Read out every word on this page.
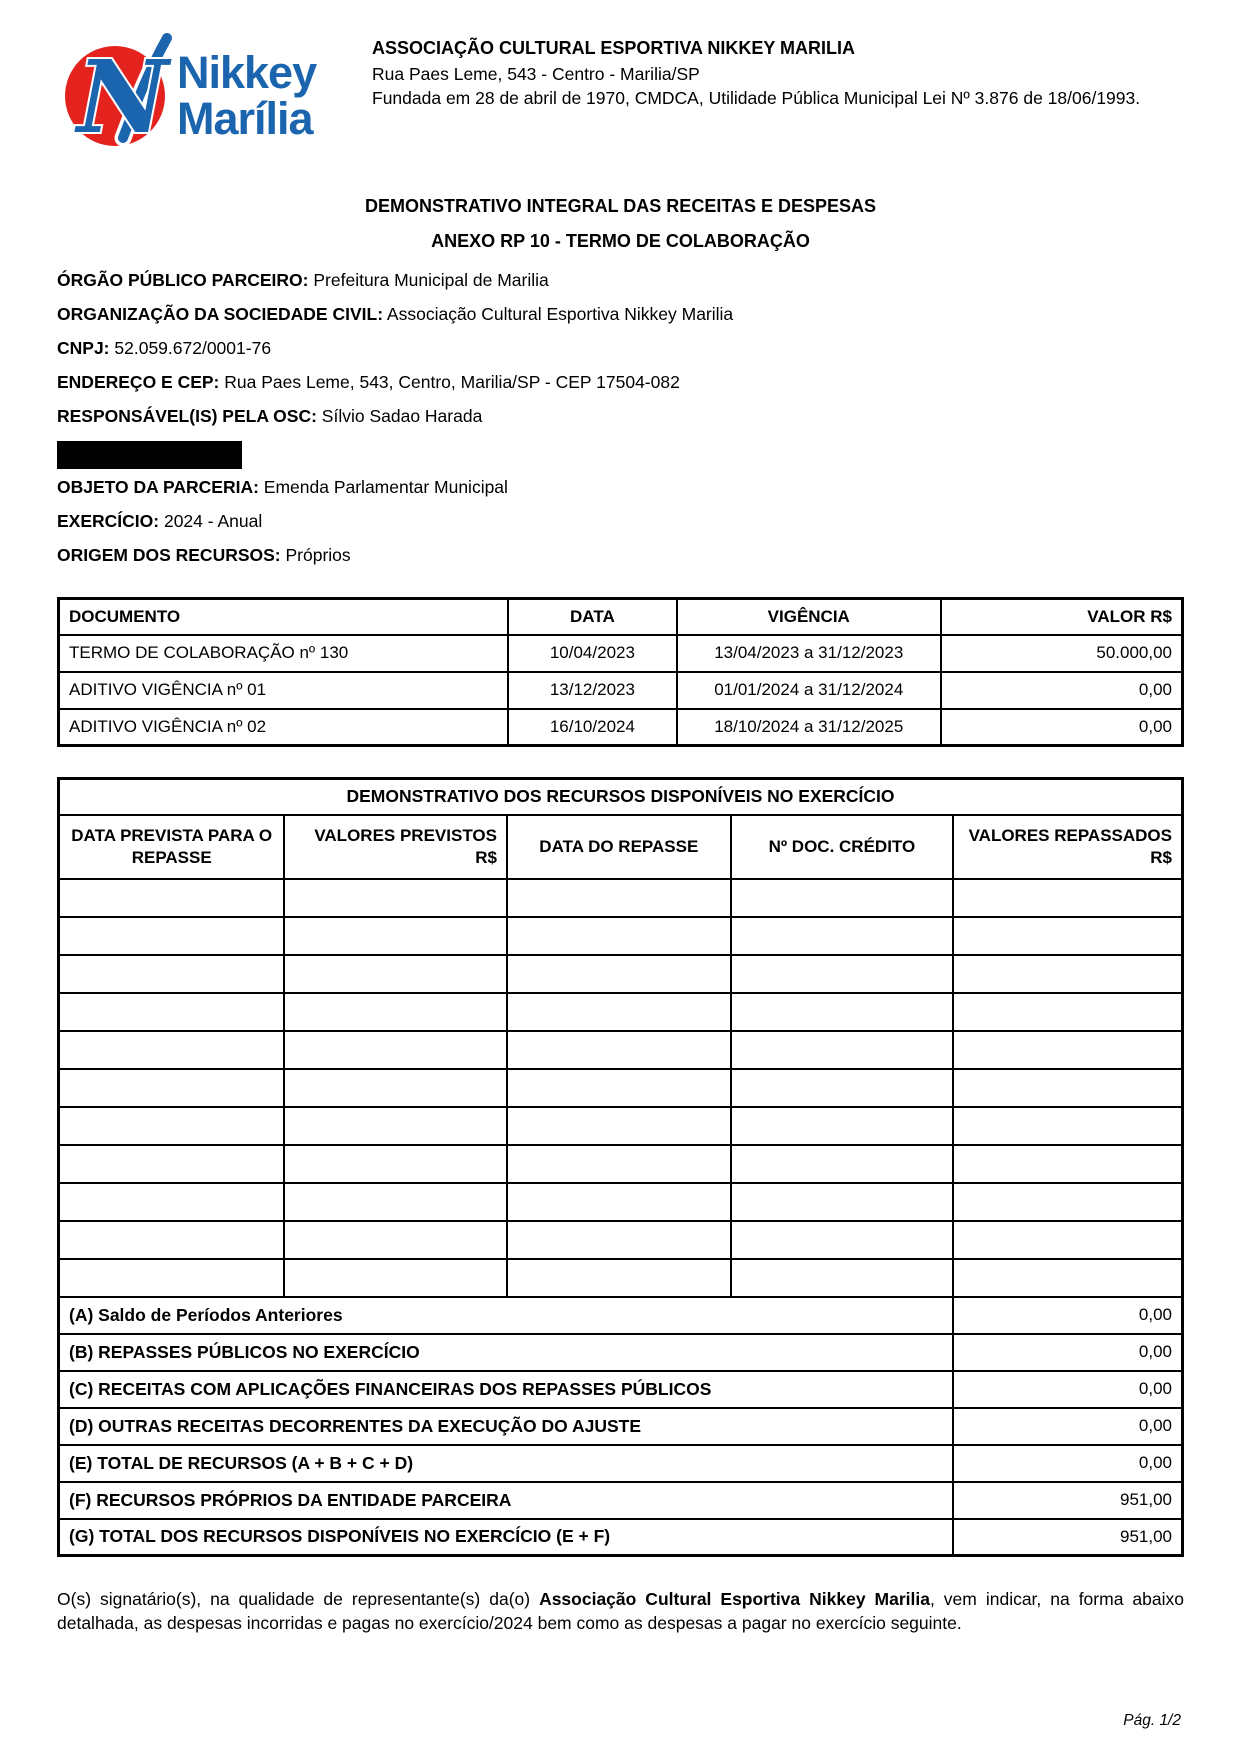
N Nikkey
Marília
ASSOCIAÇÃO CULTURAL ESPORTIVA NIKKEY MARILIA
Rua Paes Leme, 543 - Centro - Marilia/SP
Fundada em 28 de abril de 1970, CMDCA, Utilidade Pública Municipal Lei Nº 3.876 de 18/06/1993.
DEMONSTRATIVO INTEGRAL DAS RECEITAS E DESPESAS
ANEXO RP 10 - TERMO DE COLABORAÇÃO
ÓRGÃO PÚBLICO PARCEIRO: Prefeitura Municipal de Marilia
ORGANIZAÇÃO DA SOCIEDADE CIVIL: Associação Cultural Esportiva Nikkey Marilia
CNPJ: 52.059.672/0001-76
ENDEREÇO E CEP: Rua Paes Leme, 543, Centro, Marilia/SP - CEP 17504-082
RESPONSÁVEL(IS) PELA OSC: Sílvio Sadao Harada
OBJETO DA PARCERIA: Emenda Parlamentar Municipal
EXERCÍCIO: 2024 - Anual
ORIGEM DOS RECURSOS: Próprios
DOCUMENTO	DATA	VIGÊNCIA	VALOR R$
TERMO DE COLABORAÇÃO nº 130	10/04/2023	13/04/2023 a 31/12/2023	50.000,00
ADITIVO VIGÊNCIA nº 01	13/12/2023	01/01/2024 a 31/12/2024	0,00
ADITIVO VIGÊNCIA nº 02	16/10/2024	18/10/2024 a 31/12/2025	0,00
DEMONSTRATIVO DOS RECURSOS DISPONÍVEIS NO EXERCÍCIO				
DATA PREVISTA PARA O REPASSE	VALORES PREVISTOS R$	DATA DO REPASSE	Nº DOC. CRÉDITO	VALORES REPASSADOS R$

(A) Saldo de Períodos Anteriores				0,00
(B) REPASSES PÚBLICOS NO EXERCÍCIO				0,00
(C) RECEITAS COM APLICAÇÕES FINANCEIRAS DOS REPASSES PÚBLICOS				0,00
(D) OUTRAS RECEITAS DECORRENTES DA EXECUÇÃO DO AJUSTE				0,00
(E) TOTAL DE RECURSOS (A + B + C + D)				0,00
(F) RECURSOS PRÓPRIOS DA ENTIDADE PARCEIRA				951,00
(G) TOTAL DOS RECURSOS DISPONÍVEIS NO EXERCÍCIO (E + F)				951,00

O(s) signatário(s), na qualidade de representante(s) da(o) Associação Cultural Esportiva Nikkey Marilia, vem indicar, na forma abaixo detalhada, as despesas incorridas e pagas no exercício/2024 bem como as despesas a pagar no exercício seguinte.

Pág. 1/2
